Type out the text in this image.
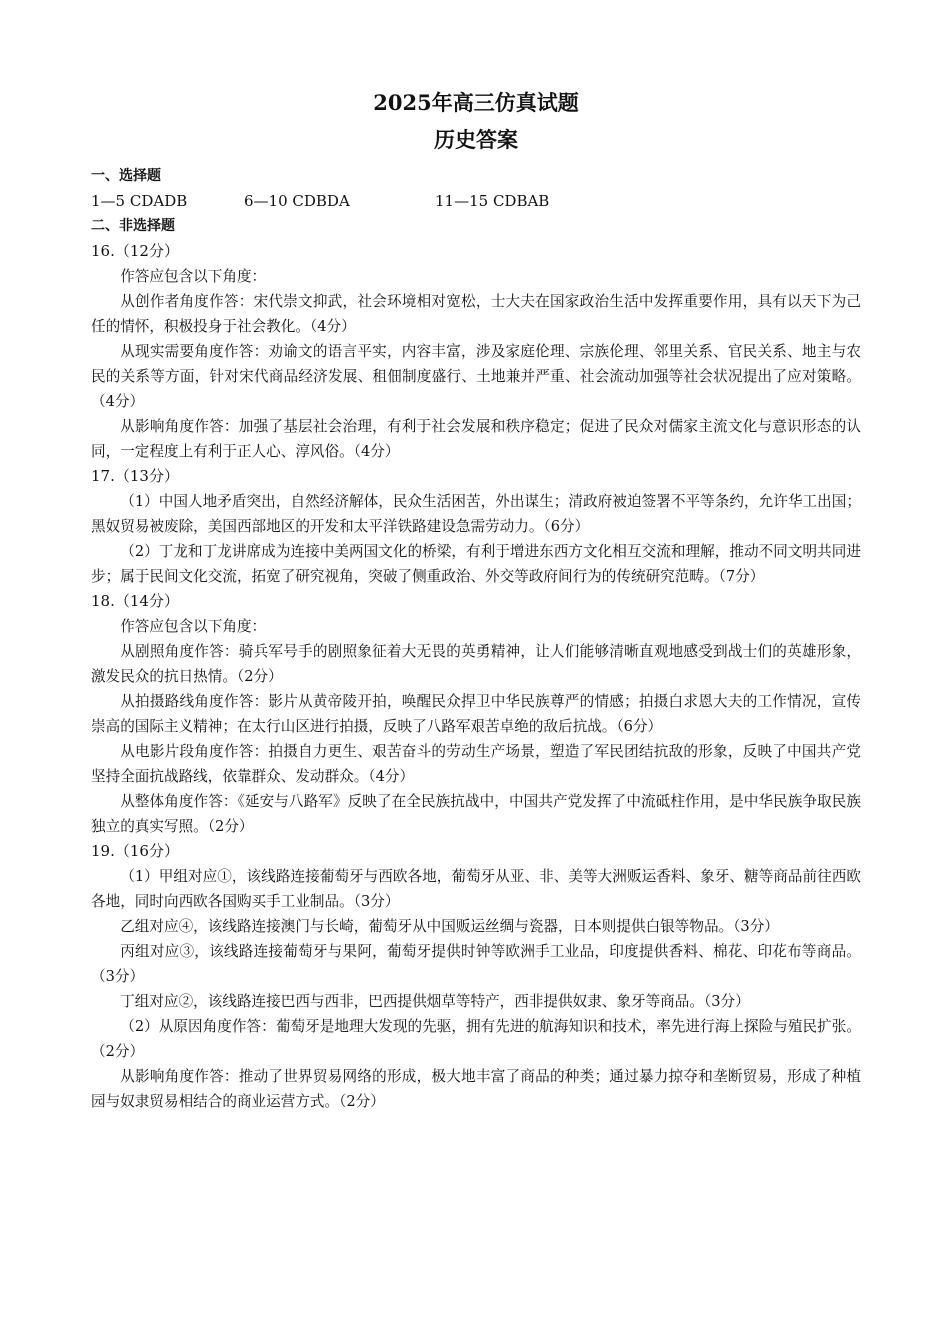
2025年高三仿真试题

历史答案

一、选择题

1—5 CDADB	6—10 CDBDA	11—15 CDBAB

二、非选择题

16.（12分）

作答应包含以下角度：

从创作者角度作答：宋代崇文抑武，社会环境相对宽松，士大夫在国家政治生活中发挥重要作用，具有以天下为己任的情怀，积极投身于社会教化。（4分）

从现实需要角度作答：劝谕文的语言平实，内容丰富，涉及家庭伦理、宗族伦理、邻里关系、官民关系、地主与农民的关系等方面，针对宋代商品经济发展、租佃制度盛行、土地兼并严重、社会流动加强等社会状况提出了应对策略。（4分）

从影响角度作答：加强了基层社会治理，有利于社会发展和秩序稳定；促进了民众对儒家主流文化与意识形态的认同，一定程度上有利于正人心、淳风俗。（4分）

17.（13分）

（1）中国人地矛盾突出，自然经济解体，民众生活困苦，外出谋生；清政府被迫签署不平等条约，允许华工出国；黑奴贸易被废除，美国西部地区的开发和太平洋铁路建设急需劳动力。（6分）

（2）丁龙和丁龙讲席成为连接中美两国文化的桥梁，有利于增进东西方文化相互交流和理解，推动不同文明共同进步；属于民间文化交流，拓宽了研究视角，突破了侧重政治、外交等政府间行为的传统研究范畴。（7分）

18.（14分）

作答应包含以下角度：

从剧照角度作答：骑兵军号手的剧照象征着大无畏的英勇精神，让人们能够清晰直观地感受到战士们的英雄形象，激发民众的抗日热情。（2分）

从拍摄路线角度作答：影片从黄帝陵开拍，唤醒民众捍卫中华民族尊严的情感；拍摄白求恩大夫的工作情况，宣传崇高的国际主义精神；在太行山区进行拍摄，反映了八路军艰苦卓绝的敌后抗战。（6分）

从电影片段角度作答：拍摄自力更生、艰苦奋斗的劳动生产场景，塑造了军民团结抗敌的形象，反映了中国共产党坚持全面抗战路线，依靠群众、发动群众。（4分）

从整体角度作答：《延安与八路军》反映了在全民族抗战中，中国共产党发挥了中流砥柱作用，是中华民族争取民族独立的真实写照。（2分）

19.（16分）

（1）甲组对应①，该线路连接葡萄牙与西欧各地，葡萄牙从亚、非、美等大洲贩运香料、象牙、糖等商品前往西欧各地，同时向西欧各国购买手工业制品。（3分）

乙组对应④，该线路连接澳门与长崎，葡萄牙从中国贩运丝绸与瓷器，日本则提供白银等物品。（3分）

丙组对应③，该线路连接葡萄牙与果阿，葡萄牙提供时钟等欧洲手工业品，印度提供香料、棉花、印花布等商品。（3分）

丁组对应②，该线路连接巴西与西非，巴西提供烟草等特产，西非提供奴隶、象牙等商品。（3分）

（2）从原因角度作答：葡萄牙是地理大发现的先驱，拥有先进的航海知识和技术，率先进行海上探险与殖民扩张。（2分）

从影响角度作答：推动了世界贸易网络的形成，极大地丰富了商品的种类；通过暴力掠夺和垄断贸易，形成了种植园与奴隶贸易相结合的商业运营方式。（2分）
